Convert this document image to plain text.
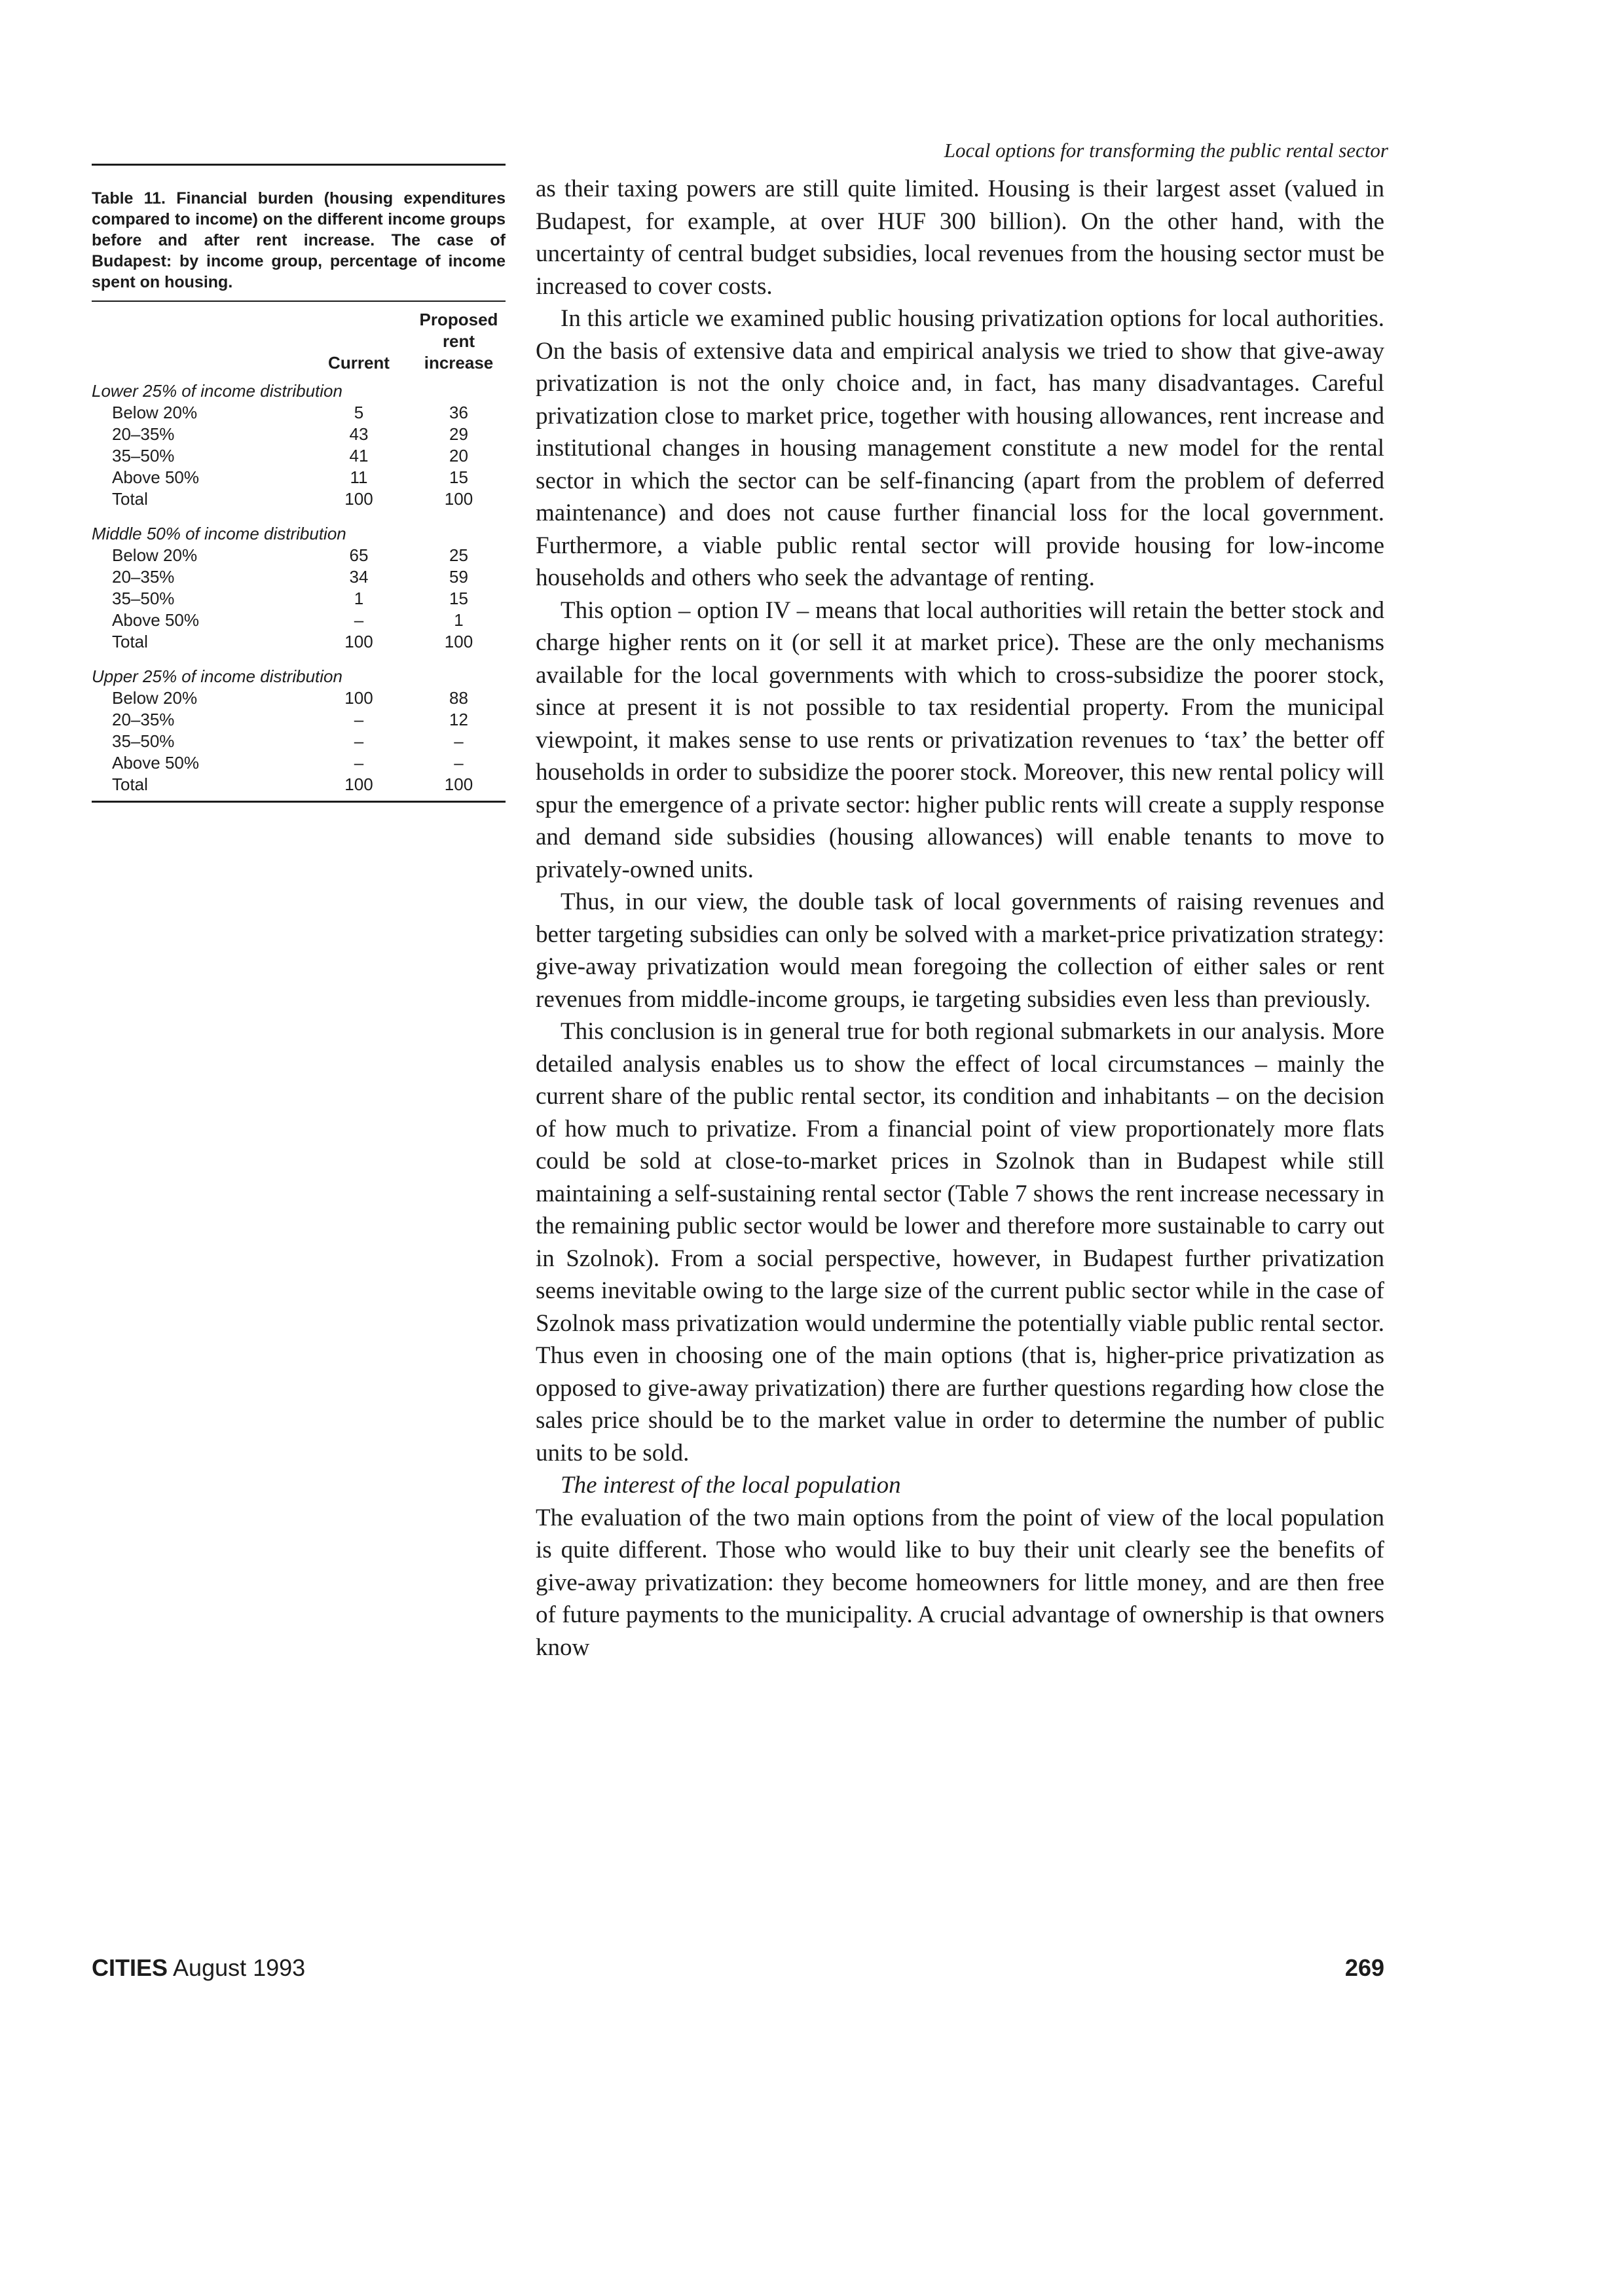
Local options for transforming the public rental sector
Table 11. Financial burden (housing expenditures compared to income) on the different income groups before and after rent increase. The case of Budapest: by income group, percentage of income spent on housing.
	Current	Proposed rent increase
Lower 25% of income distribution		
Below 20%	5	36
20–35%	43	29
35–50%	41	20
Above 50%	11	15
Total	100	100
Middle 50% of income distribution		
Below 20%	65	25
20–35%	34	59
35–50%	1	15
Above 50%	–	1
Total	100	100
Upper 25% of income distribution		
Below 20%	100	88
20–35%	–	12
35–50%	–	–
Above 50%	–	–
Total	100	100

as their taxing powers are still quite limited. Housing is their largest asset (valued in Budapest, for example, at over HUF 300 billion). On the other hand, with the uncertainty of central budget subsidies, local revenues from the housing sector must be increased to cover costs.

In this article we examined public housing privatization options for local authorities. On the basis of extensive data and empirical analysis we tried to show that give-away privatization is not the only choice and, in fact, has many disadvantages. Careful privatization close to market price, together with housing allowances, rent increase and institutional changes in housing management constitute a new model for the rental sector in which the sector can be self-financing (apart from the problem of deferred maintenance) and does not cause further financial loss for the local government. Furthermore, a viable public rental sector will provide housing for low-income households and others who seek the advantage of renting.

This option – option IV – means that local authorities will retain the better stock and charge higher rents on it (or sell it at market price). These are the only mechanisms available for the local governments with which to cross-subsidize the poorer stock, since at present it is not possible to tax residential property. From the municipal viewpoint, it makes sense to use rents or privatization revenues to ‘tax’ the better off households in order to subsidize the poorer stock. Moreover, this new rental policy will spur the emergence of a private sector: higher public rents will create a supply response and demand side subsidies (housing allowances) will enable tenants to move to privately-owned units.

Thus, in our view, the double task of local governments of raising revenues and better targeting subsidies can only be solved with a market-price privatization strategy: give-away privatization would mean foregoing the collection of either sales or rent revenues from middle-income groups, ie targeting subsidies even less than previously.

This conclusion is in general true for both regional submarkets in our analysis. More detailed analysis enables us to show the effect of local circumstances – mainly the current share of the public rental sector, its condition and inhabitants – on the decision of how much to privatize. From a financial point of view proportionately more flats could be sold at close-to-market prices in Szolnok than in Budapest while still maintaining a self-sustaining rental sector (Table 7 shows the rent increase necessary in the remaining public sector would be lower and therefore more sustainable to carry out in Szolnok). From a social perspective, however, in Budapest further privatization seems inevitable owing to the large size of the current public sector while in the case of Szolnok mass privatization would undermine the potentially viable public rental sector. Thus even in choosing one of the main options (that is, higher-price privatization as opposed to give-away privatization) there are further questions regarding how close the sales price should be to the market value in order to determine the number of public units to be sold.

The interest of the local population

The evaluation of the two main options from the point of view of the local population is quite different. Those who would like to buy their unit clearly see the benefits of give-away privatization: they become homeowners for little money, and are then free of future payments to the municipality. A crucial advantage of ownership is that owners know

CITIES August 1993	269
